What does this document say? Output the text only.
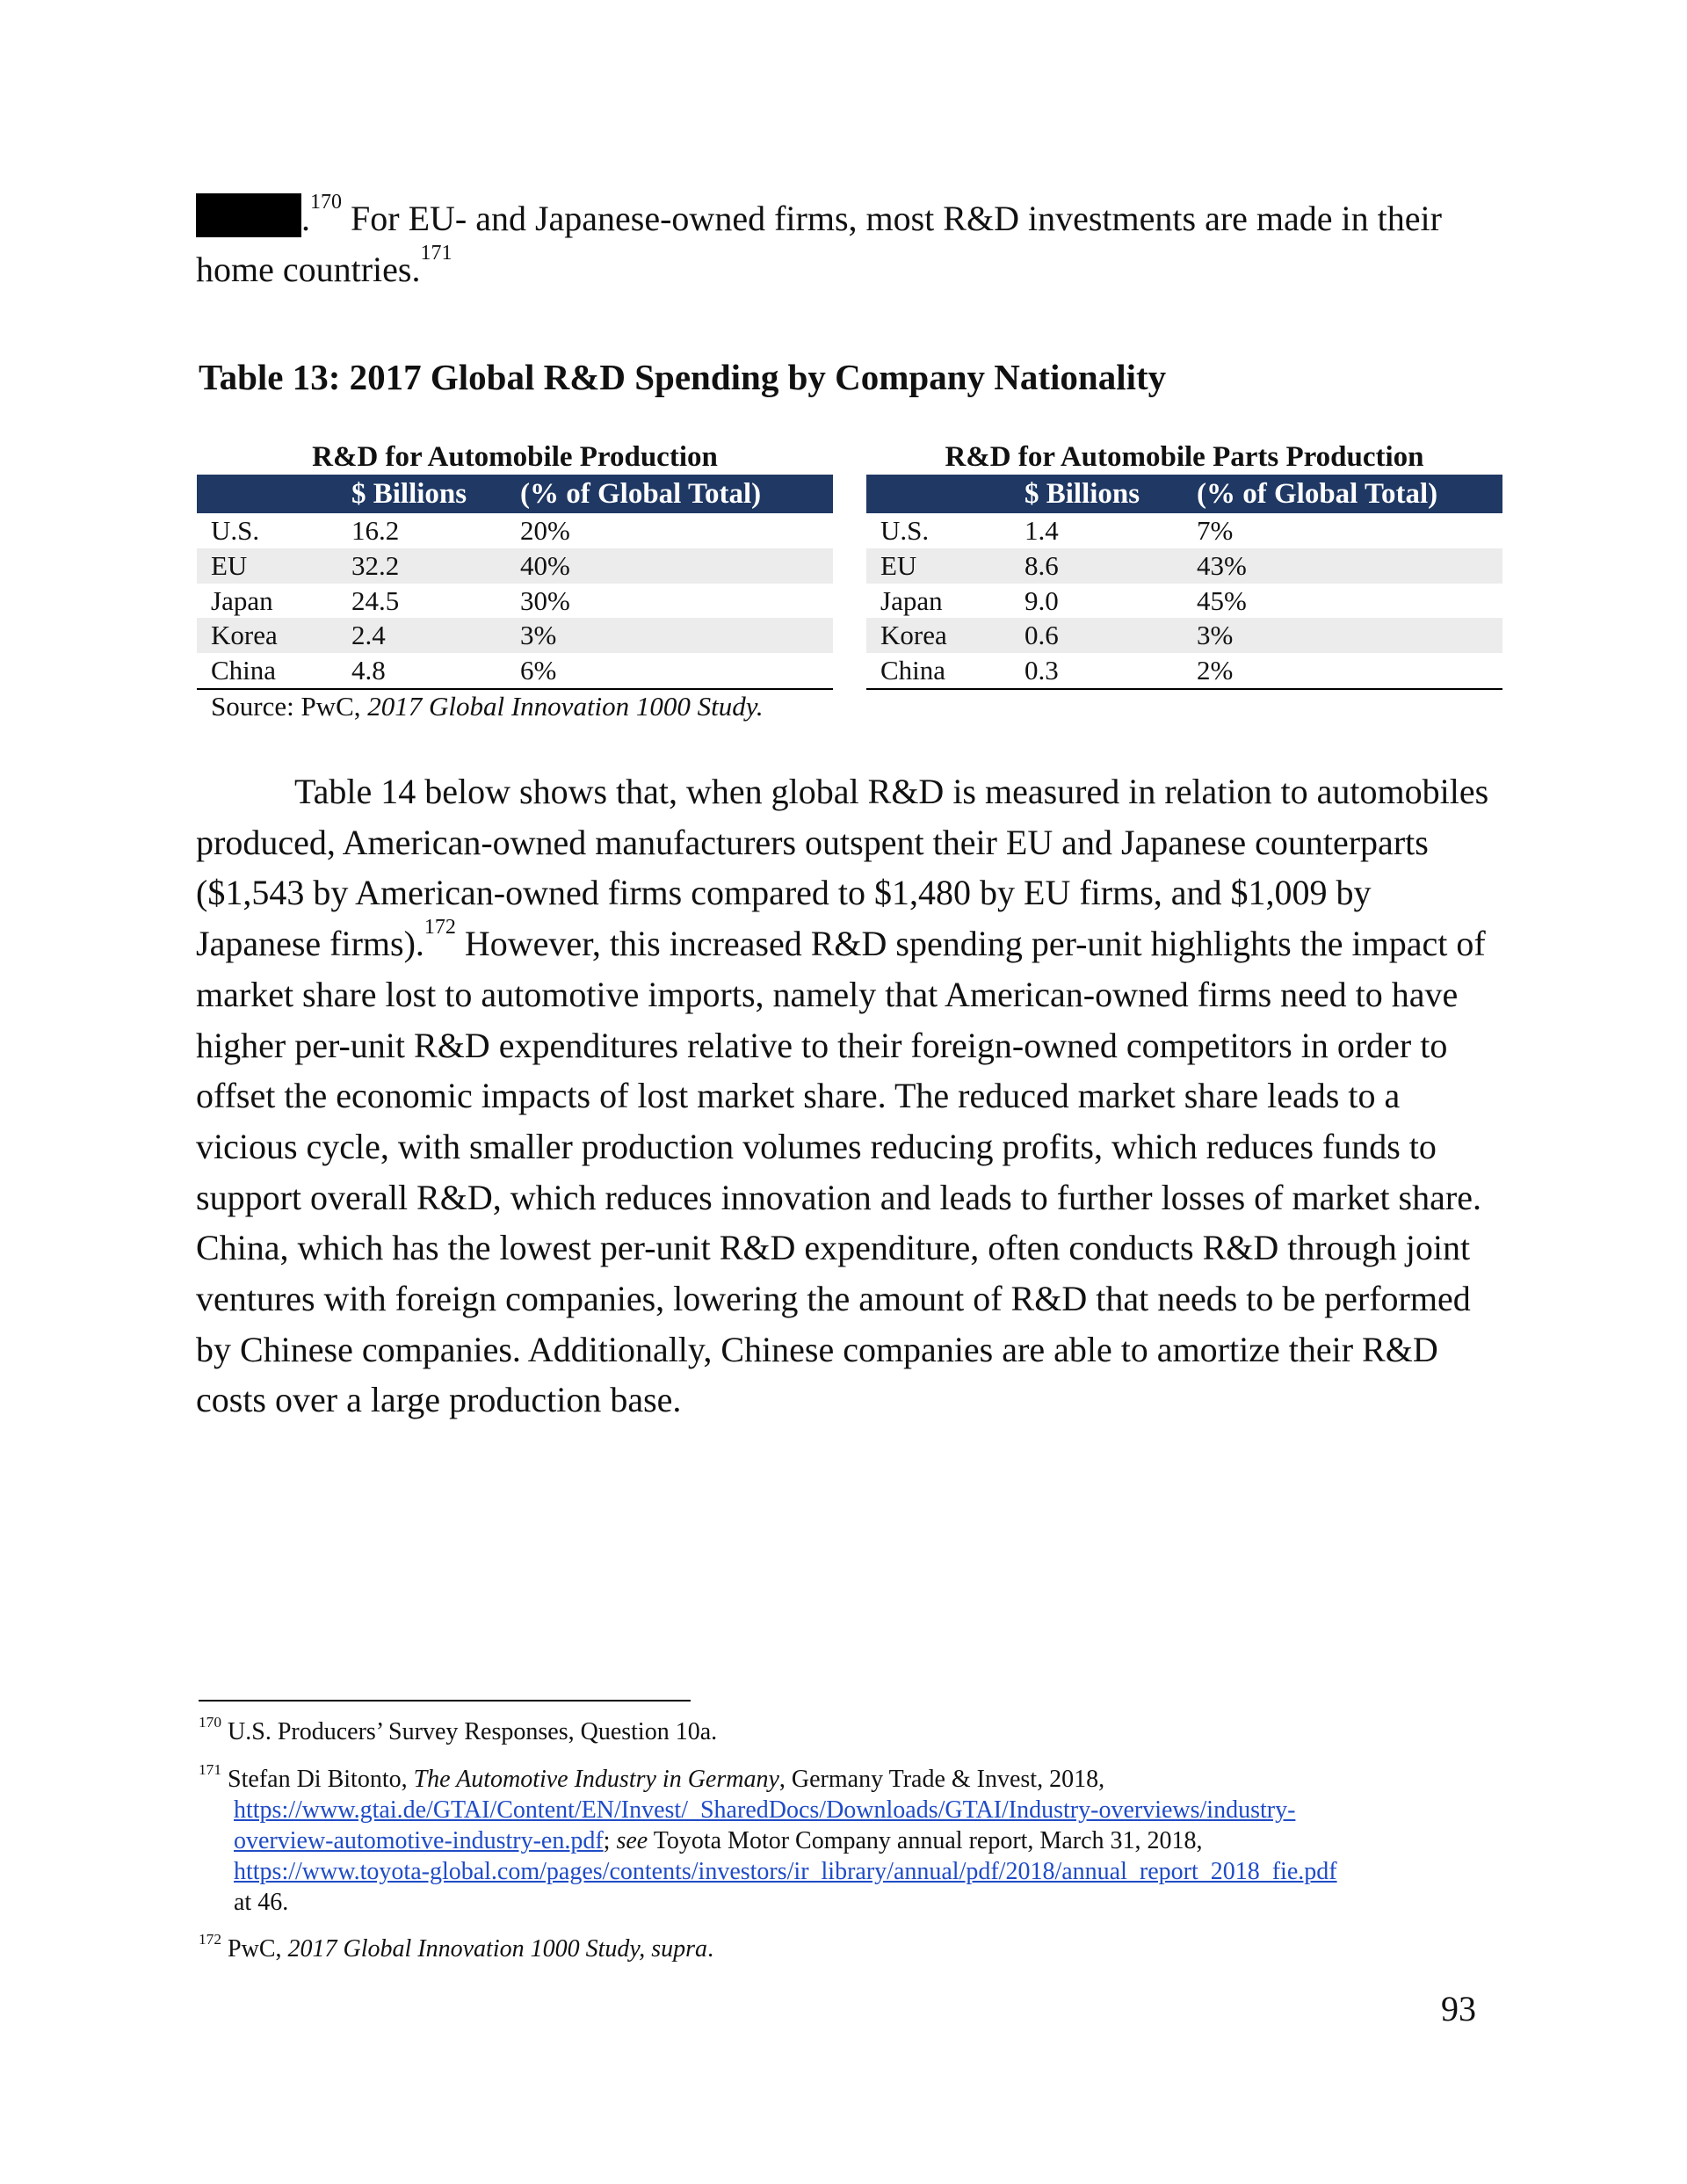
.$^{170}$ For EU- and Japanese-owned firms, most R&D investments are made in their home countries.$^{171}$
Table 13: 2017 Global R&D Spending by Company Nationality
R&D for Automobile Production
$ Billions	(% of Global Total)
U.S.	16.2	20%
EU	32.2	40%
Japan	24.5	30%
Korea	2.4	3%
China	4.8	6%
R&D for Automobile Parts Production
$ Billions	(% of Global Total)
U.S.	1.4	7%
EU	8.6	43%
Japan	9.0	45%
Korea	0.6	3%
China	0.3	2%
Source: PwC, 2017 Global Innovation 1000 Study.
Table 14 below shows that, when global R&D is measured in relation to automobiles produced, American-owned manufacturers outspent their EU and Japanese counterparts ($1,543 by American-owned firms compared to $1,480 by EU firms, and $1,009 by Japanese firms).$^{172}$ However, this increased R&D spending per-unit highlights the impact of market share lost to automotive imports, namely that American-owned firms need to have higher per-unit R&D expenditures relative to their foreign-owned competitors in order to offset the economic impacts of lost market share. The reduced market share leads to a vicious cycle, with smaller production volumes reducing profits, which reduces funds to support overall R&D, which reduces innovation and leads to further losses of market share. China, which has the lowest per-unit R&D expenditure, often conducts R&D through joint ventures with foreign companies, lowering the amount of R&D that needs to be performed by Chinese companies. Additionally, Chinese companies are able to amortize their R&D costs over a large production base.
$^{170}$ U.S. Producers’ Survey Responses, Question 10a.
$^{171}$ Stefan Di Bitonto, The Automotive Industry in Germany, Germany Trade & Invest, 2018,
https://www.gtai.de/GTAI/Content/EN/Invest/_SharedDocs/Downloads/GTAI/Industry-overviews/industry-
overview-automotive-industry-en.pdf; see Toyota Motor Company annual report, March 31, 2018,
https://www.toyota-global.com/pages/contents/investors/ir_library/annual/pdf/2018/annual_report_2018_fie.pdf
at 46.
$^{172}$ PwC, 2017 Global Innovation 1000 Study, supra.
93
